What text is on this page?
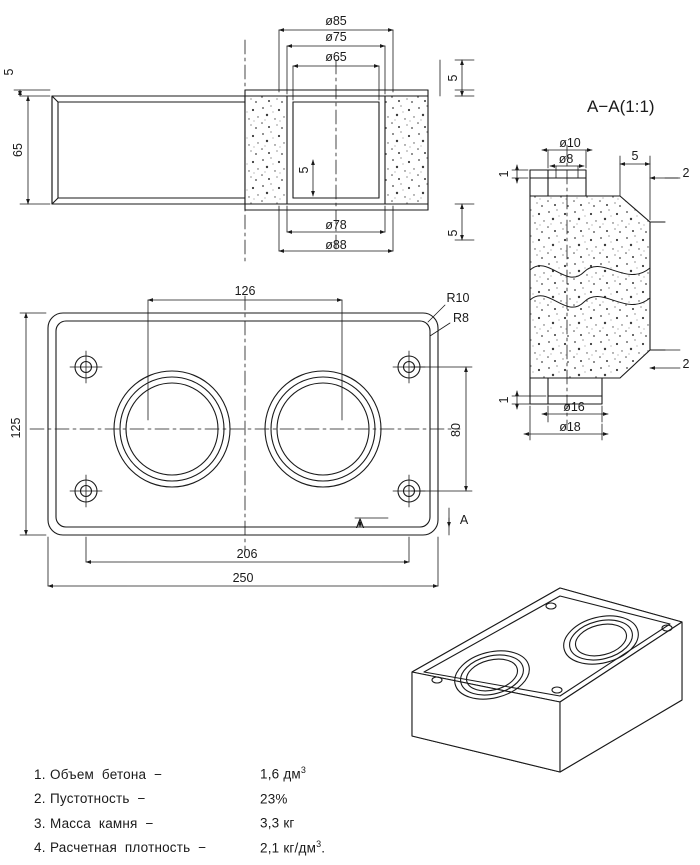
ø85
ø75
ø65
ø78
ø88
65
5
5
5
5
126
206
250
125	80
R10
R8
A	A
ø10
ø8	5
2
2
1
1	ø16
ø18
A−A(1:1)
1. Объем  бетона  −	1,6 $дм^3$
2. Пустотность  −	23%
3. Масса  камня  −	3,3 кг
4. Расчетная  плотность  −	2,1 $кг/дм^3$.
